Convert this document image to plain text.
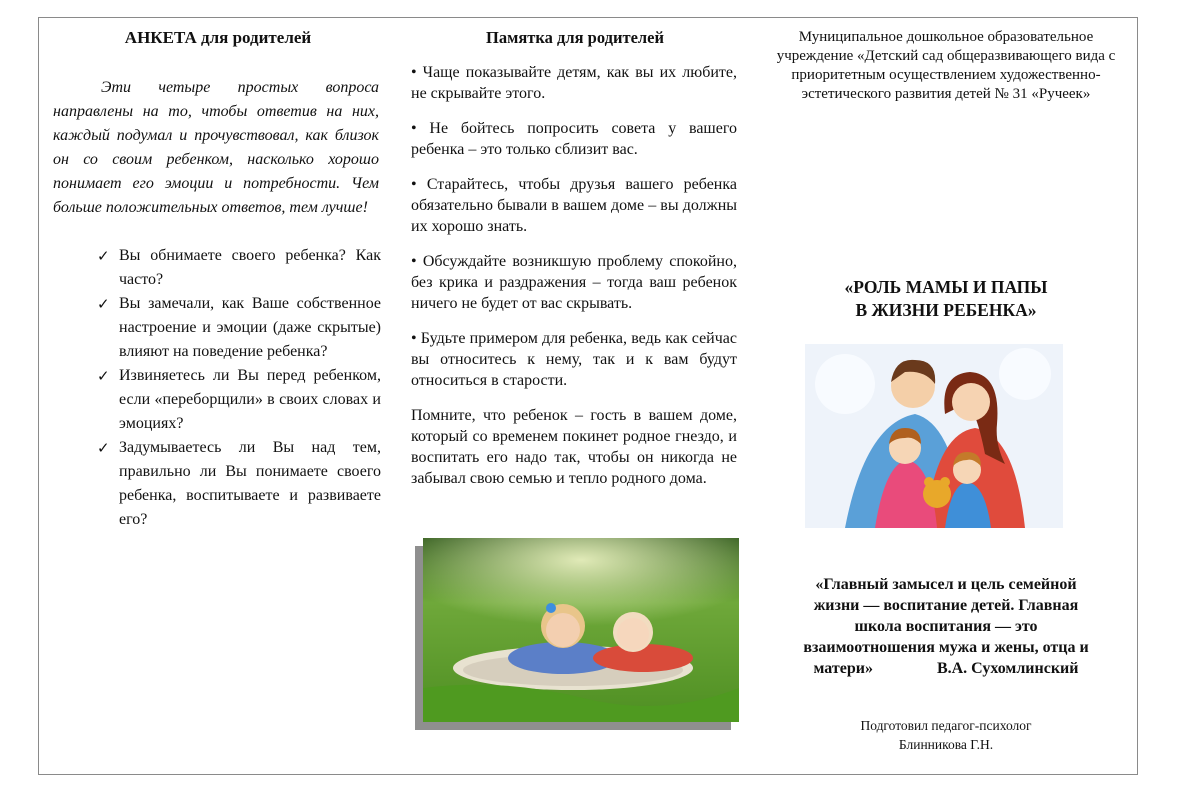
АНКЕТА для родителей

Эти четыре простых вопроса направлены на то, чтобы ответив на них, каждый подумал и прочувствовал, как близок он со своим ребенком, насколько хорошо понимает его эмоции и потребности. Чем больше положительных ответов, тем лучше!

✓ Вы обнимаете своего ребенка? Как часто?
✓ Вы замечали, как Ваше собственное настроение и эмоции (даже скрытые) влияют на поведение ребенка?
✓ Извиняетесь ли Вы перед ребенком, если «переборщили» в своих словах и эмоциях?
✓ Задумываетесь ли Вы над тем, правильно ли Вы понимаете своего ребенка, воспитываете и развиваете его?

Памятка для родителей

• Чаще показывайте детям, как вы их любите, не скрывайте этого.

• Не бойтесь попросить совета у вашего ребенка – это только сблизит вас.

• Старайтесь, чтобы друзья вашего ребенка обязательно бывали в вашем доме – вы должны их хорошо знать.

• Обсуждайте возникшую проблему спокойно, без крика и раздражения – тогда ваш ребенок ничего не будет от вас скрывать.

• Будьте примером для ребенка, ведь как сейчас вы относитесь к нему, так и к вам будут относиться в старости.

Помните, что ребенок – гость в вашем доме, который со временем покинет родное гнездо, и воспитать его надо так, чтобы он никогда не забывал свою семью и тепло родного дома.

Муниципальное дошкольное образовательное учреждение «Детский сад общеразвивающего вида с приоритетным осуществлением художественно-эстетического развития детей № 31 «Ручеек»

«РОЛЬ МАМЫ И ПАПЫ
В ЖИЗНИ РЕБЕНКА»

«Главный замысел и цель семейной жизни — воспитание детей. Главная школа воспитания — это взаимоотношения мужа и жены, отца и матери»	В.А. Сухомлинский

Подготовил педагог-психолог
Блинникова Г.Н.
